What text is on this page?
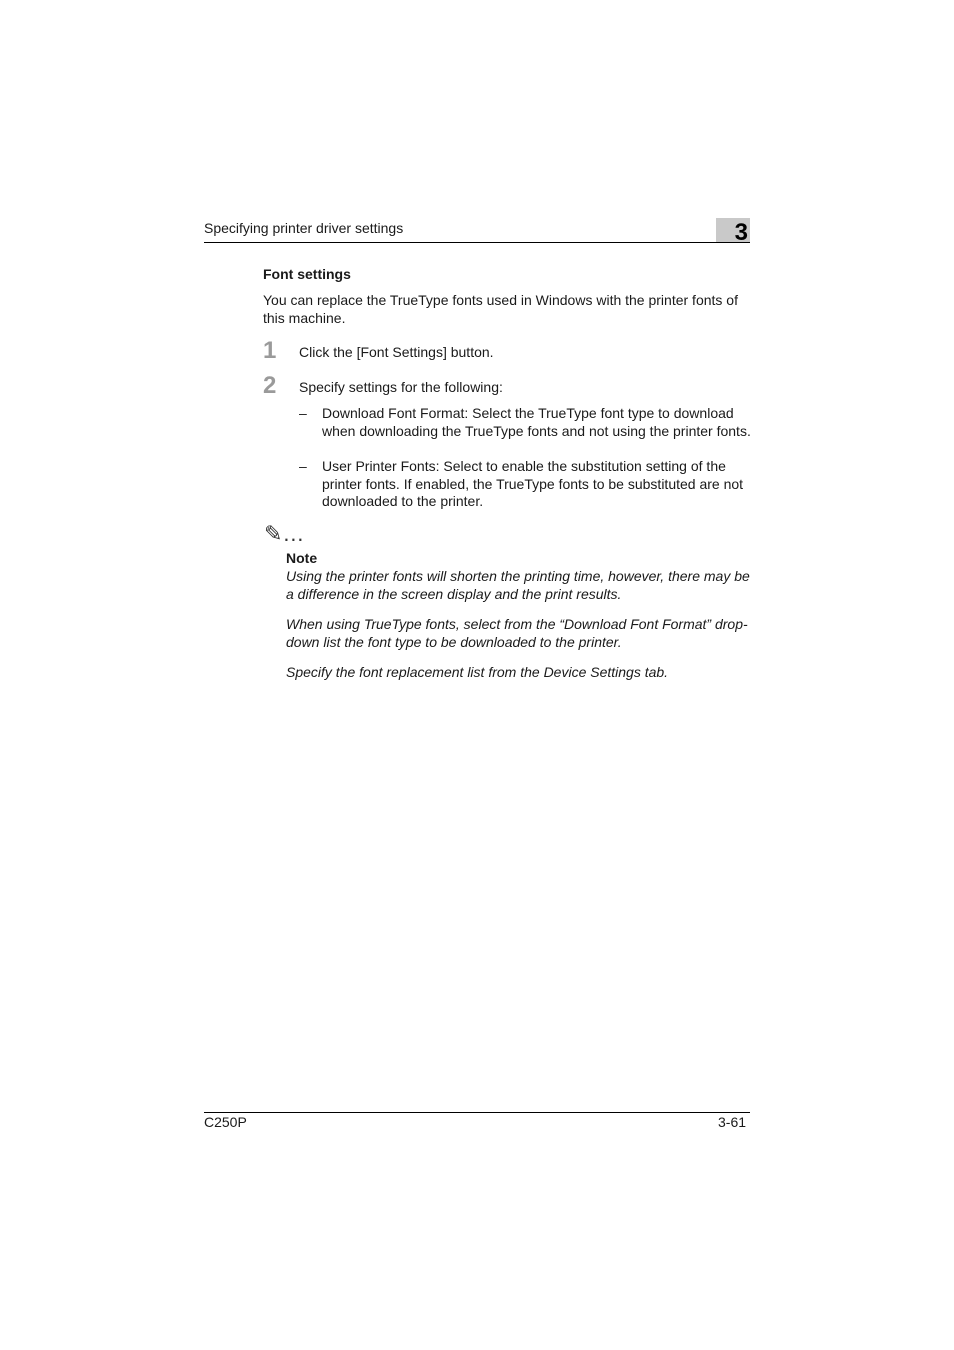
Specifying printer driver settings	3
Font settings
You can replace the TrueType fonts used in Windows with the printer fonts of this machine.
1 Click the [Font Settings] button.
2 Specify settings for the following:
–	Download Font Format: Select the TrueType font type to download when downloading the TrueType fonts and not using the printer fonts.
–	User Printer Fonts: Select to enable the substitution setting of the printer fonts. If enabled, the TrueType fonts to be substituted are not downloaded to the printer.
✎…
Note
Using the printer fonts will shorten the printing time, however, there may be a difference in the screen display and the print results.
When using TrueType fonts, select from the “Download Font Format” drop-down list the font type to be downloaded to the printer.
Specify the font replacement list from the Device Settings tab.
C250P	3-61
